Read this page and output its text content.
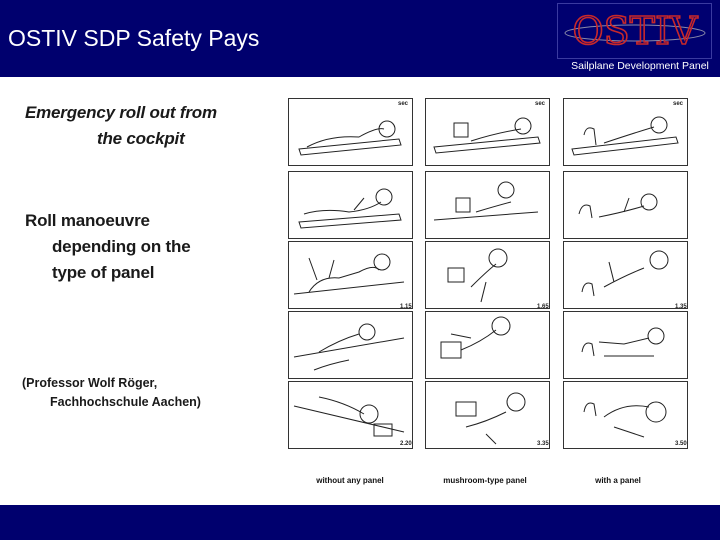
OSTIV SDP Safety Pays	OSTIV
Sailplane Development Panel
Emergency roll out from
the cockpit
Roll manoeuvre
depending on the
type of panel
(Professor Wolf Röger,
Fachhochschule Aachen)
sec
1.15
2.20
without any panel
sec
1.65
3.35
mushroom-type panel
sec
1.35
3.50
with a panel
